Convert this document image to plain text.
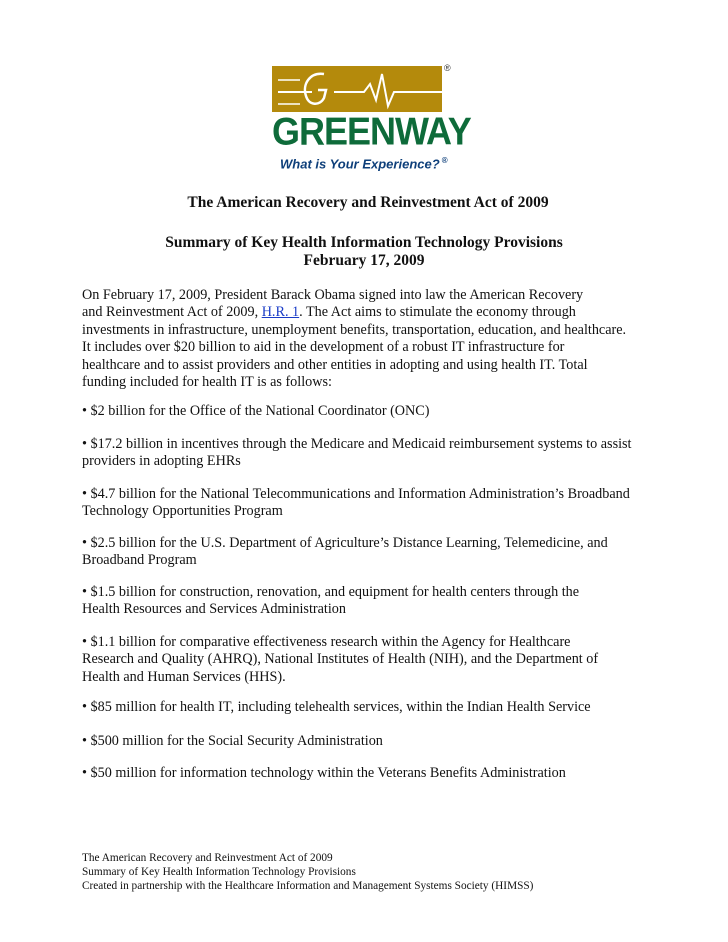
®
GREENWAY
What is Your Experience? ®
The American Recovery and Reinvestment Act of 2009
Summary of Key Health Information Technology Provisions
February 17, 2009
On February 17, 2009, President Barack Obama signed into law the American Recovery
and Reinvestment Act of 2009, H.R. 1. The Act aims to stimulate the economy through
investments in infrastructure, unemployment benefits, transportation, education, and healthcare.
It includes over $20 billion to aid in the development of a robust IT infrastructure for
healthcare and to assist providers and other entities in adopting and using health IT. Total
funding included for health IT is as follows:
• $2 billion for the Office of the National Coordinator (ONC)
• $17.2 billion in incentives through the Medicare and Medicaid reimbursement systems to assist
providers in adopting EHRs
• $4.7 billion for the National Telecommunications and Information Administration’s Broadband
Technology Opportunities Program
• $2.5 billion for the U.S. Department of Agriculture’s Distance Learning, Telemedicine, and
Broadband Program
• $1.5 billion for construction, renovation, and equipment for health centers through the
Health Resources and Services Administration
• $1.1 billion for comparative effectiveness research within the Agency for Healthcare
Research and Quality (AHRQ), National Institutes of Health (NIH), and the Department of
Health and Human Services (HHS).
• $85 million for health IT, including telehealth services, within the Indian Health Service
• $500 million for the Social Security Administration
• $50 million for information technology within the Veterans Benefits Administration
The American Recovery and Reinvestment Act of 2009
Summary of Key Health Information Technology Provisions
Created in partnership with the Healthcare Information and Management Systems Society (HIMSS)
